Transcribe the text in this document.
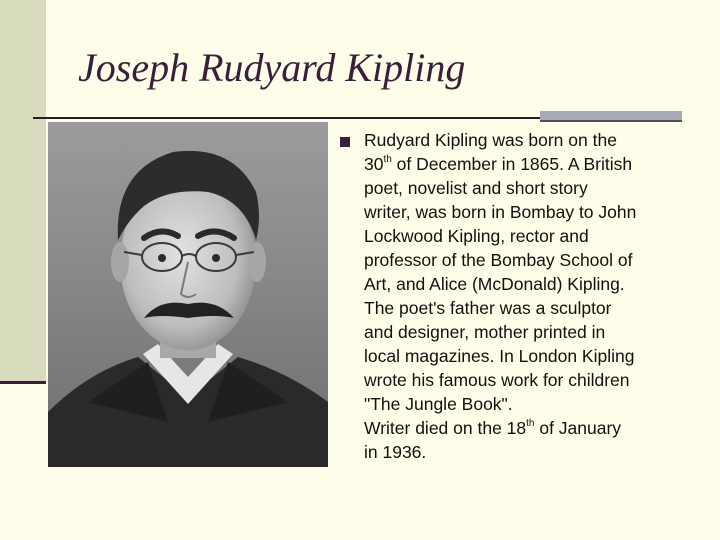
Joseph Rudyard Kipling

Rudyard Kipling was born on the
30th of December in 1865. A British
poet, novelist and short story
writer, was born in Bombay to John
Lockwood Kipling, rector and
professor of the Bombay School of
Art, and Alice (McDonald) Kipling.
The poet's father was a sculptor
and designer, mother printed in
local magazines. In London Kipling
wrote his famous work for children
"The Jungle Book".
Writer died on the 18th of January
in 1936.
